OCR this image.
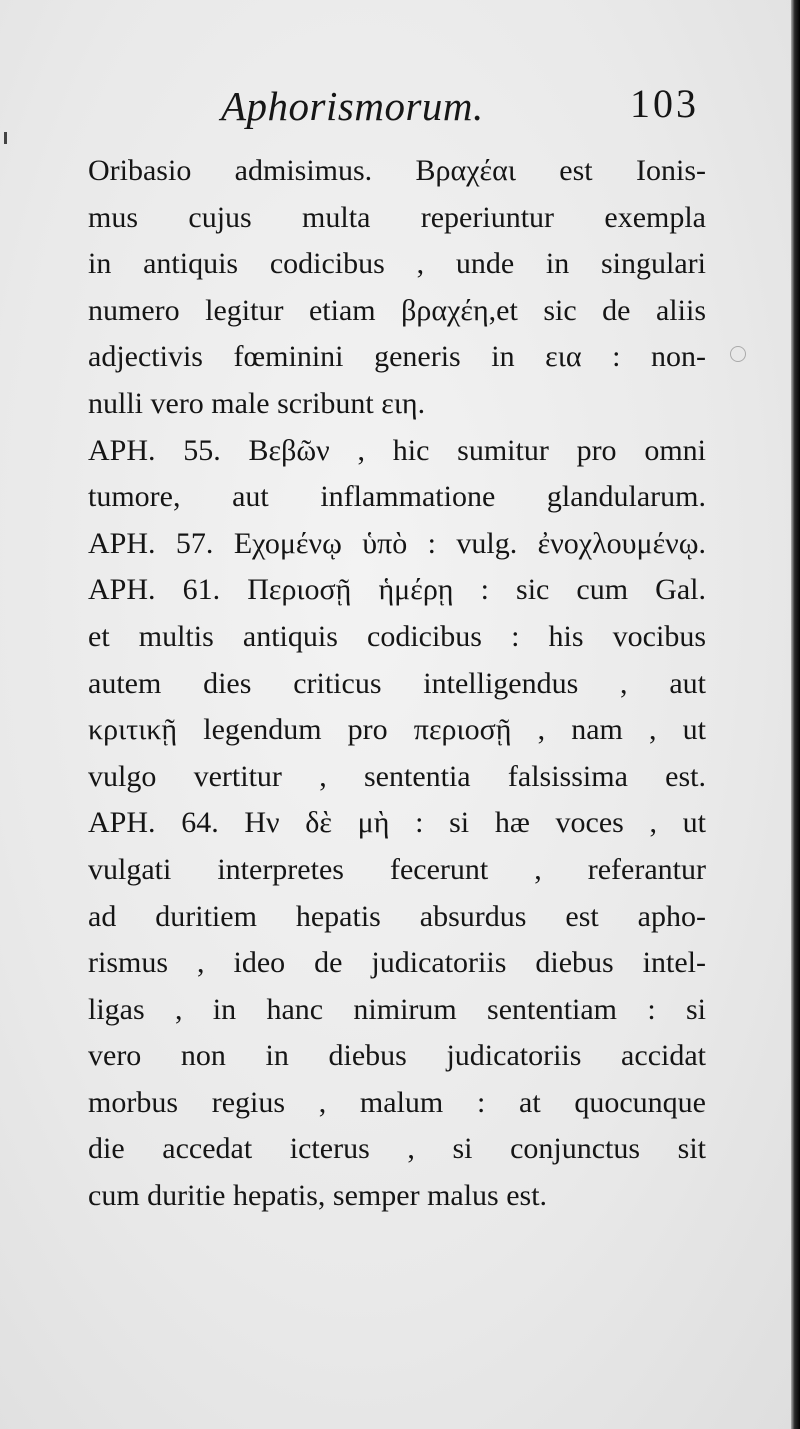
Aphorismorum.	103
Oribasio admisimus. Βραχέαι est Ionis-
mus cujus multa reperiuntur exempla
in antiquis codicibus , unde in singulari
numero legitur etiam βραχέη,et sic de aliis
adjectivis fœminini generis in εια : non-
nulli vero male scribunt ειη.
APH. 55. Βεβῶν , hic sumitur pro omni
tumore, aut inflammatione glandularum.
APH. 57. Εχομένῳ ὑπὸ : vulg. ἐνοχλουμένῳ.
APH. 61. Περιοσῇ ἡμέρῃ : sic cum Gal.
et multis antiquis codicibus : his vocibus
autem dies criticus intelligendus , aut
κριτικῇ legendum pro περιοσῇ , nam , ut
vulgo vertitur , sententia falsissima est.
APH. 64. Ην δὲ μὴ : si hæ voces , ut
vulgati interpretes fecerunt , referantur
ad duritiem hepatis absurdus est apho-
rismus , ideo de judicatoriis diebus intel-
ligas , in hanc nimirum sententiam : si
vero non in diebus judicatoriis accidat
morbus regius , malum : at quocunque
die accedat icterus , si conjunctus sit
cum duritie hepatis, semper malus est.
